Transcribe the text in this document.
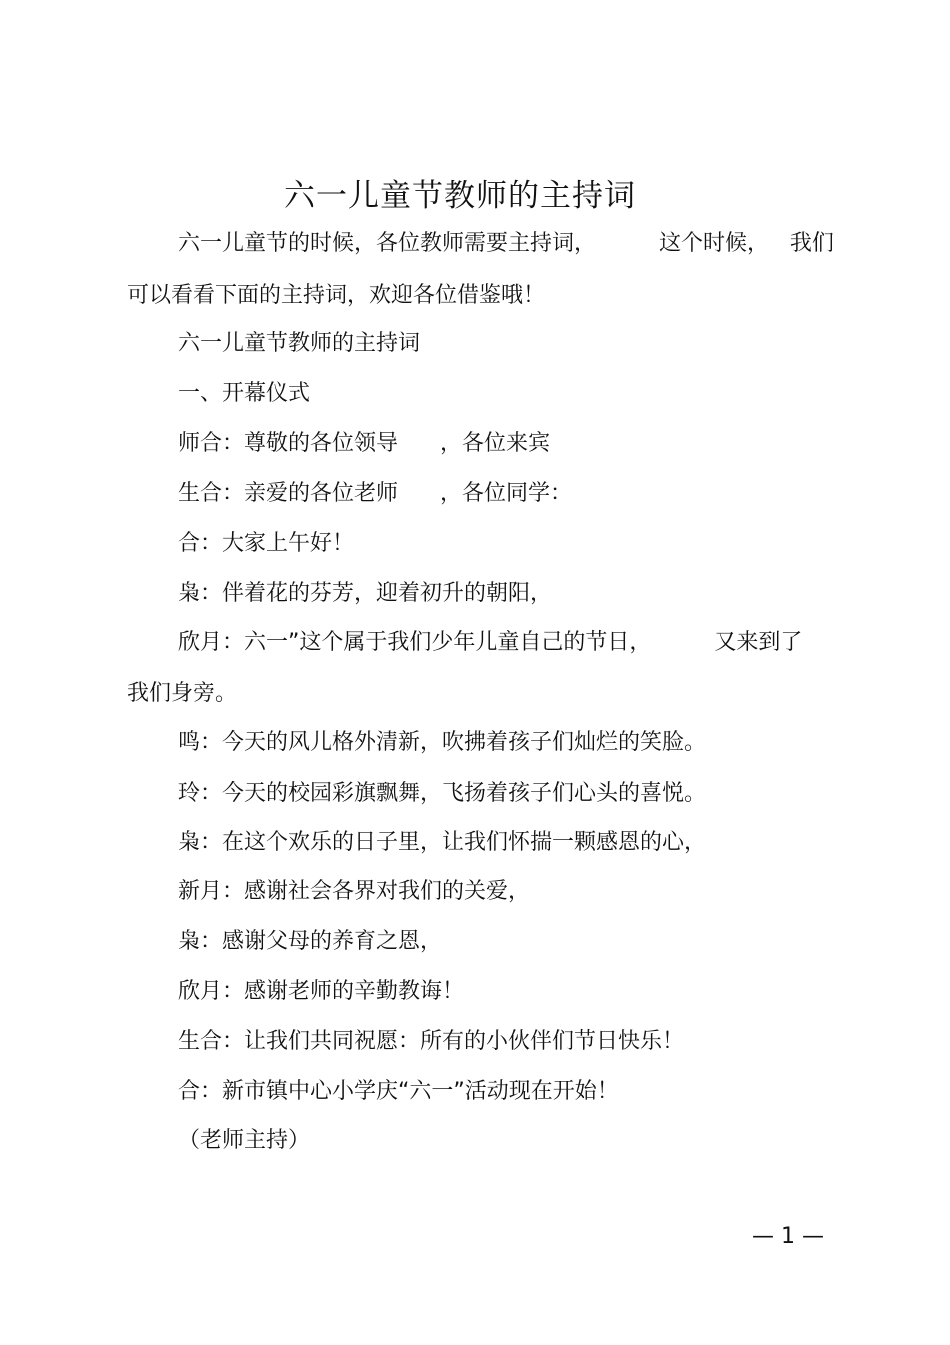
六一儿童节教师的主持词
六一儿童节的时候，各位教师需要主持词，         这个时候，   我们
可以看看下面的主持词，欢迎各位借鉴哦！
六一儿童节教师的主持词
一、开幕仪式
师合：尊敬的各位领导      ，各位来宾
生合：亲爱的各位老师      ，各位同学：
合：大家上午好！
枭：伴着花的芬芳，迎着初升的朝阳，
欣月：六一”这个属于我们少年儿童自己的节日，         又来到了
我们身旁。
鸣：今天的风儿格外清新，吹拂着孩子们灿烂的笑脸。
玲：今天的校园彩旗飘舞，飞扬着孩子们心头的喜悦。
枭：在这个欢乐的日子里，让我们怀揣一颗感恩的心，
新月：感谢社会各界对我们的关爱，
枭：感谢父母的养育之恩，
欣月：感谢老师的辛勤教诲！
生合：让我们共同祝愿：所有的小伙伴们节日快乐！
合：新市镇中心小学庆“六一”活动现在开始！
（老师主持）
— 1 —
